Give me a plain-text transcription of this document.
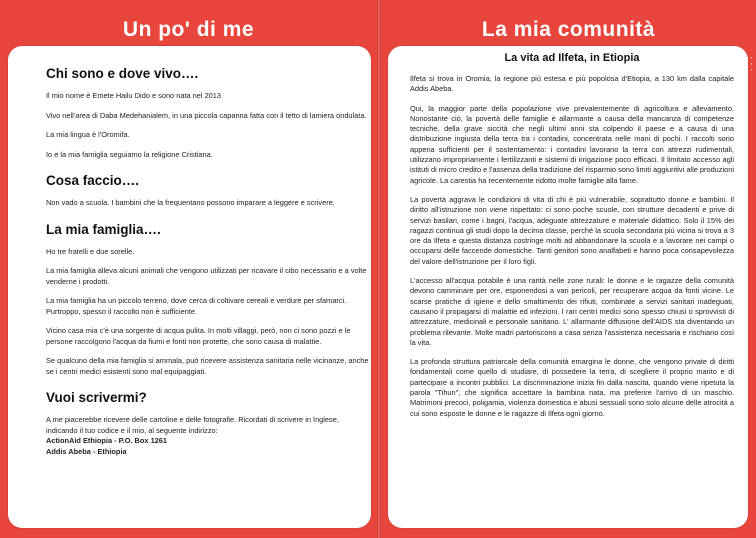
'
'
'
Un po' di me	La mia comunità
Chi sono e dove vivo….

Il mio nome è Emete Hailu Dido e sono nata nel 2013

Vivo nell'area di Daba Medehanialem, in una piccola capanna fatta con il tetto di lamiera ondulata.

La mia lingua è l'Oromifa.

Io e la mia famiglia seguiamo la religione Cristiana.

Cosa faccio….

Non vado a scuola. I bambini che la frequentano possono imparare a leggere e scrivere.

La mia famiglia….

Ho tre fratelli e due sorelle.

La mia famiglia alleva alcuni animali che vengono utilizzati per ricavare il cibo necessario e a volte venderne i prodotti.

La mia famiglia ha un piccolo terreno, dove cerca di coltivare cereali e verdure per sfamarci. Purtroppo, spesso il raccolto non è sufficiente.

Vicino casa mia c'è una sorgente di acqua pulita. In molti villaggi, però, non ci sono pozzi e le persone raccolgono l'acqua da fiumi e fonti non protette, che sono causa di malattie.

Se qualcuno della mia famiglia si ammala, può ricevere assistenza sanitaria nelle vicinanze, anche se i centri medici esistenti sono mal equipaggiati.

Vuoi scrivermi?

A me piacerebbe ricevere delle cartoline e delle fotografie. Ricordati di scrivere in Inglese, indicando il tuo codice e il mio, al seguente indirizzo:

ActionAid Ethiopia - P.O. Box 1261

Addis Abeba - Ethiopia

La vita ad Ilfeta, in Etiopia

Ilfeta si trova in Oromia, la regione più estesa e più popolosa d'Etiopia, a 130 km dalla capitale Addis Abeba.

Qui, la maggior parte della popolazione vive prevalentemente di agricoltura e allevamento. Nonostante ciò, la povertà delle famiglie è allarmante a causa della mancanza di competenze tecniche, della grave siccità che negli ultimi anni sta colpendo il paese e a causa di una distribuzione ingiusta della terra tra i contadini, concentrata nelle mani di pochi. I raccolti sono appena sufficienti per il sostentamento: i contadini lavorano la terra con attrezzi rudimentali, utilizzano impropriamente i fertilizzanti e sistemi di irrigazione poco efficaci. Il limitato accesso agli istituti di micro credito e l'assenza della tradizione del risparmio sono limiti aggiuntivi alle produzioni agricole. La carestia ha recentemente ridotto molte famiglie alla fame.

La povertà aggrava le condizioni di vita di chi è più vulnerabile, soprattutto donne e bambini. Il diritto all'istruzione non viene rispettato: ci sono poche scuole, con strutture decadenti e prive di servizi basilari, come i bagni, l'acqua, adeguate attrezzature e materiale didattico. Solo il 15% dei ragazzi continua gli studi dopo la decima classe, perché la scuola secondaria più vicina si trova a 3 ore da Ilfeta e questa distanza costringe molti ad abbandonare la scuola e a lavorare nei campi o occuparsi delle faccende domestiche. Tanti genitori sono analfabeti e hanno poca consapevolezza del valore dell'istruzione per il loro figli.

L'accesso all'acqua potabile è una rarità nelle zone rurali: le donne e le ragazze della comunità devono camminare per ore, esponendosi a vari pericoli, per recuperare acqua da fonti vicine. Le scarse pratiche di igiene e dello smaltimento dei rifiuti, combinate a servizi sanitari inadeguati, causano il propagarsi di malattie ed infezioni. I rari centri medici sono spesso chiusi o sprovvisti di attrezzature, medicinali e personale sanitario. L' allarmante diffusione dell'AIDS sta diventando un problema rilevante. Molte madri partoriscono a casa senza l'assistenza necessaria e rischiano così la vita.

La profonda struttura patriarcale della comunità emargina le donne, che vengono private di diritti fondamentali come quello di studiare, di possedere la terra, di scegliere il proprio marito e di partecipare a incontri pubblici. La discriminazione inizia fin dalla nascita, quando viene ripetuta la parola "Tihun", che significa accettare la bambina nata, ma preferire l'arrivo di un maschio. Matrimoni precoci, poligamia, violenza domestica e abusi sessuali sono solo alcune delle atrocità a cui sono esposte le donne e le ragazze di Ilfeta ogni giorno.
